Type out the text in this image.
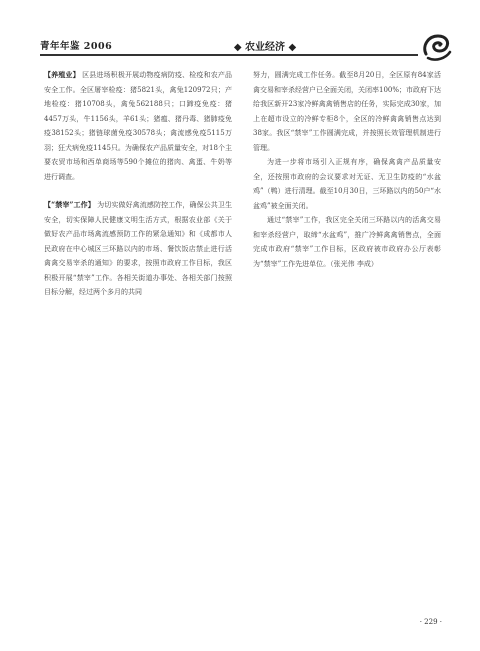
青年年鉴 2006	◆ 农业经济 ◆

【养殖业】 区县进场积极开展动物疫病防疫、检疫和农产品安全工作。全区屠宰检疫：猪5821头，禽兔120972只；产地检疫：猪10708头，禽兔562188只；口蹄疫免疫：猪4457万头，牛1156头，羊61头；猪瘟、猪丹毒、猪肺疫免疫38152头；猪链球菌免疫30578头；禽流感免疫5115万羽；狂犬病免疫1145只。为确保农产品质量安全，对18个主要农贸市场和西单商场等590个摊位的猪肉、禽蛋、牛奶等进行调查。

【“禁宰”工作】 为切实做好禽流感防控工作，确保公共卫生安全，切实保障人民健康文明生活方式，根据农业部《关于做好农产品市场禽流感预防工作的紧急通知》和《成都市人民政府在中心城区三环路以内的市场、餐饮饭店禁止进行活禽禽交易宰杀的通知》的要求，按照市政府工作目标，我区积极开展“禁宰”工作。各相关街道办事处、各相关部门按照目标分解，经过两个多月的共同

努力，圆满完成工作任务。截至8月20日，全区原有84家活禽交易和宰杀经营户已全面关闭，关闭率100%；市政府下达给我区新开23家冷鲜禽禽销售店的任务，实际完成30家，加上在超市设立的冷鲜专柜8个，全区的冷鲜禽禽销售点达到38家。我区“禁宰”工作圆满完成，并按照长效管理机制进行管理。

为进一步将市场引入正规有序，确保禽禽产品质量安全，还按照市政府的会议要求对无证、无卫生防疫的“水盆鸡”（鸭）进行清理。截至10月30日，三环路以内的50户“水盆鸡”被全面关闭。

通过“禁宰”工作，我区完全关闭三环路以内的活禽交易和宰杀经营户，取缔“水盆鸡”，推广冷鲜禽禽销售点，全面完成市政府“禁宰”工作目标，区政府被市政府办公厅表彰为“禁宰”工作先进单位。（张光伟 李成）

· 229 ·
